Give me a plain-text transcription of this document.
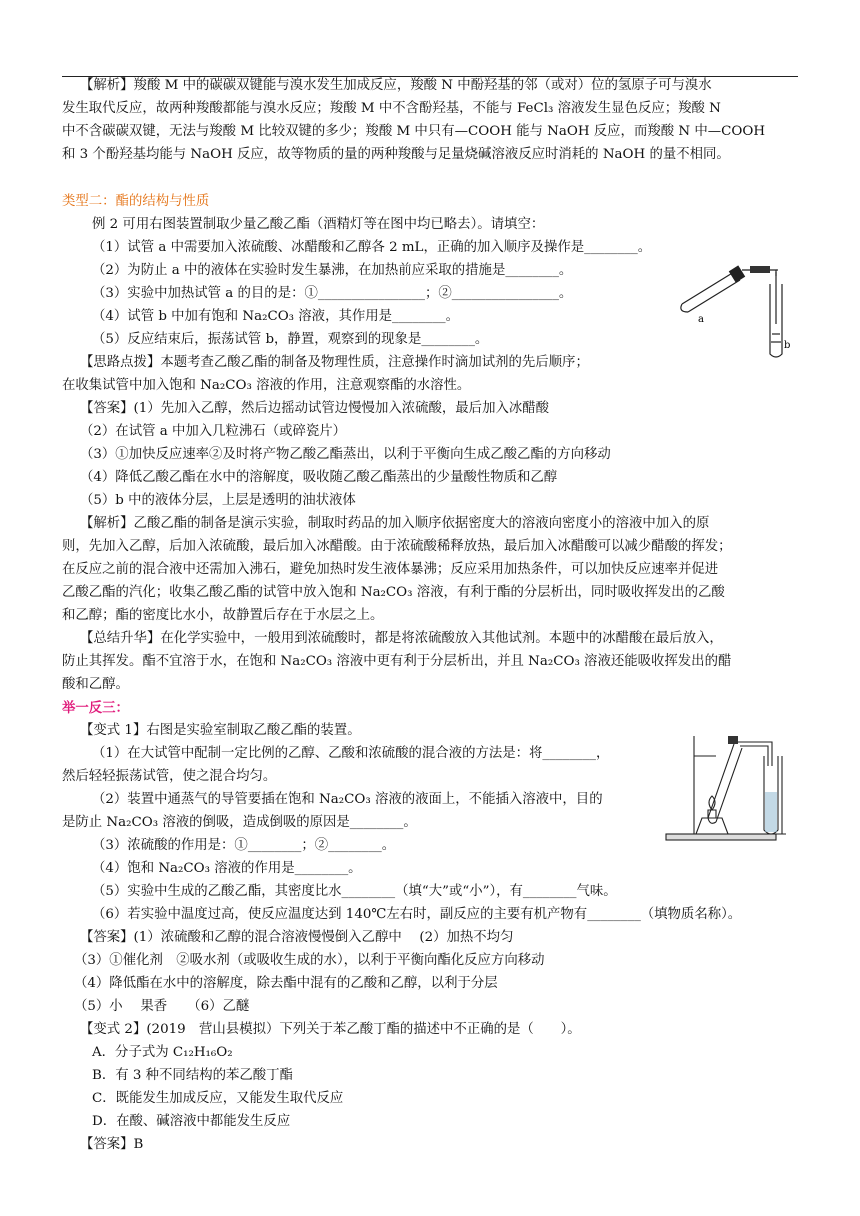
【解析】羧酸 M 中的碳碳双键能与溴水发生加成反应，羧酸 N 中酚羟基的邻（或对）位的氢原子可与溴水
发生取代反应，故两种羧酸都能与溴水反应；羧酸 M 中不含酚羟基，不能与 FeCl₃ 溶液发生显色反应；羧酸 N
中不含碳碳双键，无法与羧酸 M 比较双键的多少；羧酸 M 中只有—COOH 能与 NaOH 反应，而羧酸 N 中—COOH
和 3 个酚羟基均能与 NaOH 反应，故等物质的量的两种羧酸与足量烧碱溶液反应时消耗的 NaOH 的量不相同。
类型二：酯的结构与性质
例 2 可用右图装置制取少量乙酸乙酯（酒精灯等在图中均已略去）。请填空：
（1）试管 a 中需要加入浓硫酸、冰醋酸和乙醇各 2 mL，正确的加入顺序及操作是________。
（2）为防止 a 中的液体在实验时发生暴沸，在加热前应采取的措施是________。
（3）实验中加热试管 a 的目的是：①________________；②________________。
（4）试管 b 中加有饱和 Na₂CO₃ 溶液，其作用是________。
（5）反应结束后，振荡试管 b，静置，观察到的现象是________。
【思路点拨】本题考查乙酸乙酯的制备及物理性质，注意操作时滴加试剂的先后顺序；
在收集试管中加入饱和 Na₂CO₃ 溶液的作用，注意观察酯的水溶性。
a
b
【答案】(1）先加入乙醇，然后边摇动试管边慢慢加入浓硫酸，最后加入冰醋酸
（2）在试管 a 中加入几粒沸石（或碎瓷片）
（3）①加快反应速率②及时将产物乙酸乙酯蒸出，以利于平衡向生成乙酸乙酯的方向移动
（4）降低乙酸乙酯在水中的溶解度，吸收随乙酸乙酯蒸出的少量酸性物质和乙醇
（5）b 中的液体分层，上层是透明的油状液体
【解析】乙酸乙酯的制备是演示实验，制取时药品的加入顺序依据密度大的溶液向密度小的溶液中加入的原
则，先加入乙醇，后加入浓硫酸，最后加入冰醋酸。由于浓硫酸稀释放热，最后加入冰醋酸可以减少醋酸的挥发；
在反应之前的混合液中还需加入沸石，避免加热时发生液体暴沸；反应采用加热条件，可以加快反应速率并促进
乙酸乙酯的汽化；收集乙酸乙酯的试管中放入饱和 Na₂CO₃ 溶液，有利于酯的分层析出，同时吸收挥发出的乙酸
和乙醇；酯的密度比水小，故静置后存在于水层之上。
【总结升华】在化学实验中，一般用到浓硫酸时，都是将浓硫酸放入其他试剂。本题中的冰醋酸在最后放入，
防止其挥发。酯不宜溶于水，在饱和 Na₂CO₃ 溶液中更有利于分层析出，并且 Na₂CO₃ 溶液还能吸收挥发出的醋
酸和乙醇。
举一反三：
【变式 1】右图是实验室制取乙酸乙酯的装置。
（1）在大试管中配制一定比例的乙醇、乙酸和浓硫酸的混合液的方法是：将________，
然后轻轻振荡试管，使之混合均匀。
（2）装置中通蒸气的导管要插在饱和 Na₂CO₃ 溶液的液面上，不能插入溶液中，目的
是防止 Na₂CO₃ 溶液的倒吸，造成倒吸的原因是________。
（3）浓硫酸的作用是：①________；②________。
（4）饱和 Na₂CO₃ 溶液的作用是________。
（5）实验中生成的乙酸乙酯，其密度比水________（填“大”或“小”），有________气味。
（6）若实验中温度过高，使反应温度达到 140℃左右时，副反应的主要有机产物有________（填物质名称）。
【答案】(1）浓硫酸和乙醇的混合溶液慢慢倒入乙醇中　 (2）加热不均匀
（3）①催化剂　②吸水剂（或吸收生成的水），以利于平衡向酯化反应方向移动
（4）降低酯在水中的溶解度，除去酯中混有的乙酸和乙醇，以利于分层
（5）小　 果香　　（6）乙醚
【变式 2】(2019　营山县模拟）下列关于苯乙酸丁酯的描述中不正确的是（　　）。
A．分子式为 C₁₂H₁₆O₂
B．有 3 种不同结构的苯乙酸丁酯
C．既能发生加成反应，又能发生取代反应
D．在酸、碱溶液中都能发生反应
【答案】B
